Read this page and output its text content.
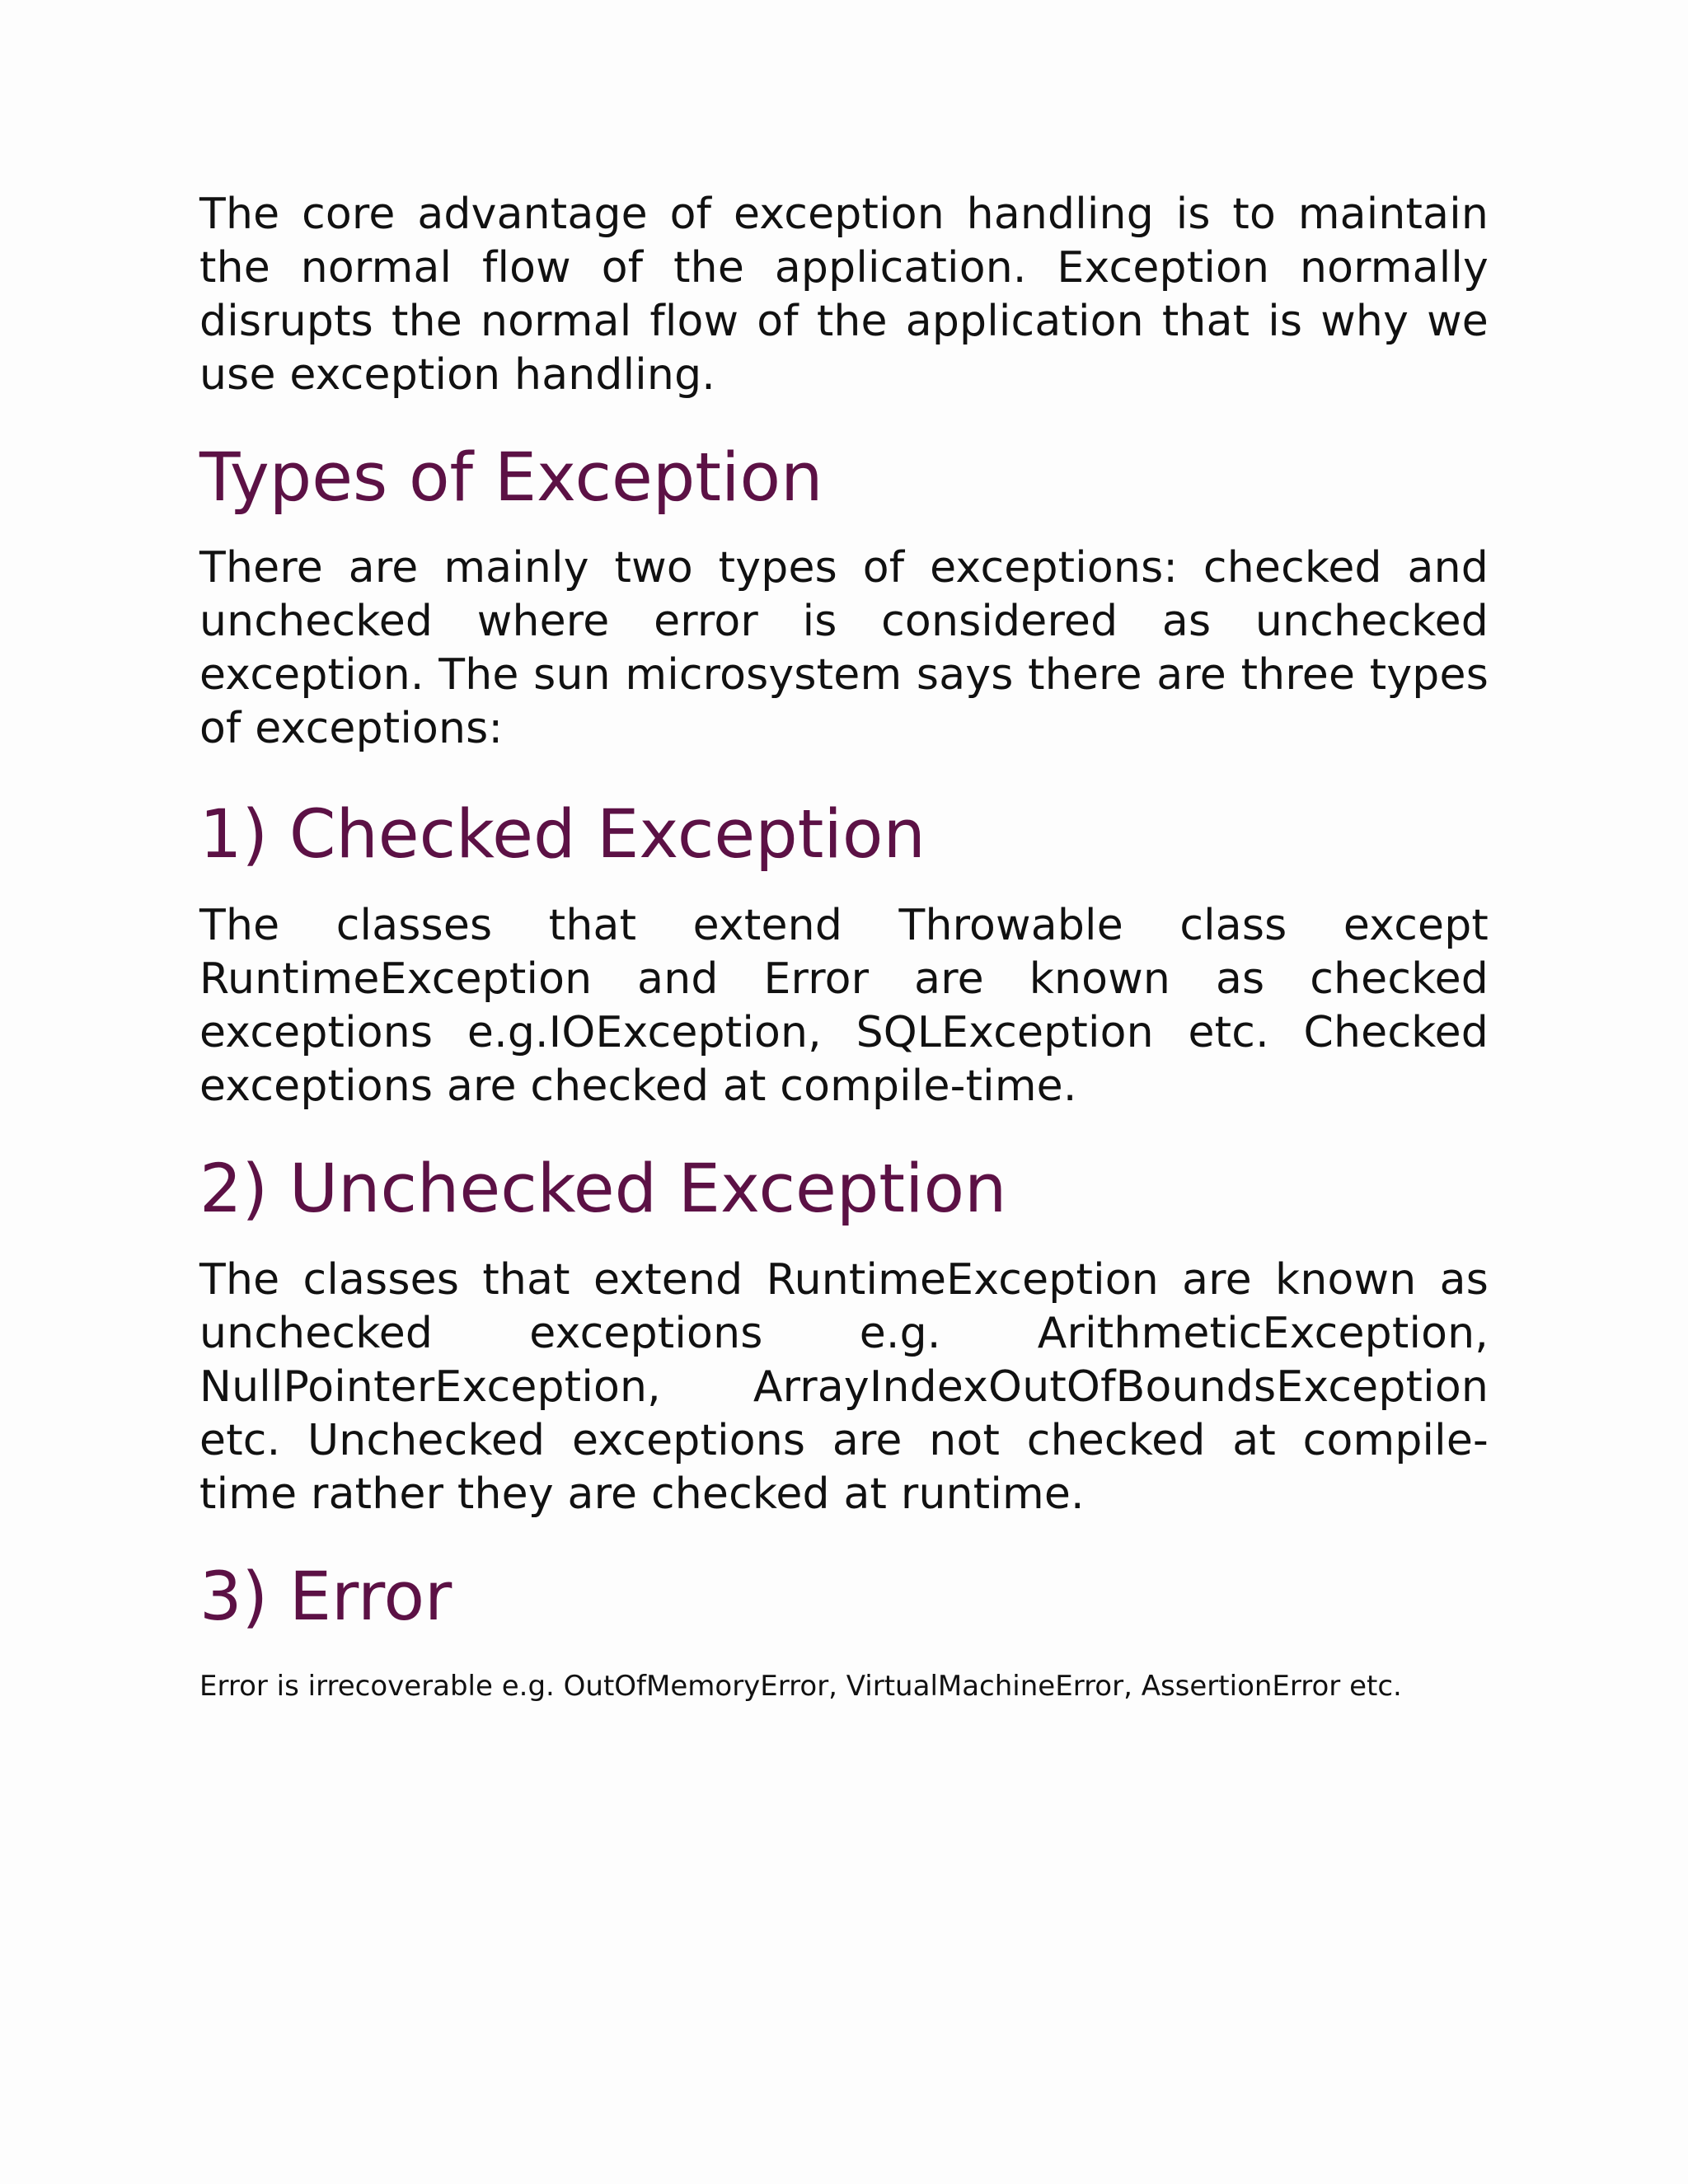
The core advantage of exception handling is to maintain the normal flow of the application. Exception normally disrupts the normal flow of the application that is why we use exception handling.

Types of Exception

There are mainly two types of exceptions: checked and unchecked where error is considered as unchecked exception. The sun microsystem says there are three types of exceptions:

1) Checked Exception

The classes that extend Throwable class except RuntimeException and Error are known as checked exceptions e.g.IOException, SQLException etc. Checked exceptions are checked at compile-time.

2) Unchecked Exception

The classes that extend RuntimeException are known as unchecked exceptions e.g. ArithmeticException, NullPointerException, ArrayIndexOutOfBoundsException etc. Unchecked exceptions are not checked at compile-time rather they are checked at runtime.

3) Error

Error is irrecoverable e.g. OutOfMemoryError, VirtualMachineError, AssertionError etc.
